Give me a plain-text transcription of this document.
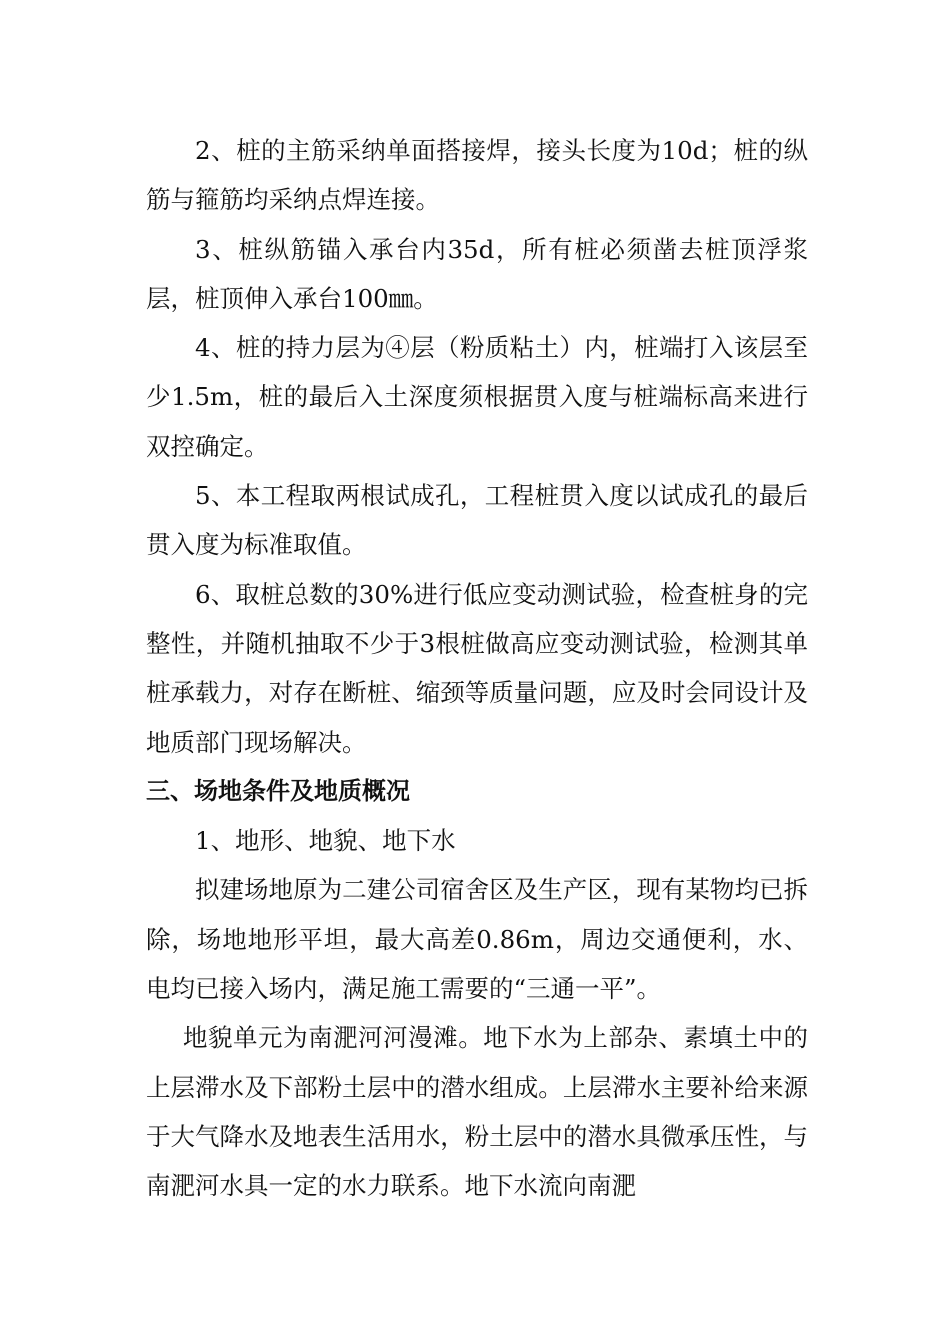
2、桩的主筋采纳单面搭接焊，接头长度为10d；桩的纵筋与箍筋均采纳点焊连接。

3、桩纵筋锚入承台内35d，所有桩必须凿去桩顶浮浆层，桩顶伸入承台100㎜。

4、桩的持力层为④层（粉质粘土）内，桩端打入该层至少1.5m，桩的最后入土深度须根据贯入度与桩端标高来进行双控确定。

5、本工程取两根试成孔，工程桩贯入度以试成孔的最后贯入度为标准取值。

6、取桩总数的30%进行低应变动测试验，检查桩身的完整性，并随机抽取不少于3根桩做高应变动测试验，检测其单桩承载力，对存在断桩、缩颈等质量问题，应及时会同设计及地质部门现场解决。

三、场地条件及地质概况

1、地形、地貌、地下水

拟建场地原为二建公司宿舍区及生产区，现有某物均已拆除，场地地形平坦，最大高差0.86m，周边交通便利，水、电均已接入场内，满足施工需要的“三通一平”。

地貌单元为南淝河河漫滩。地下水为上部杂、素填土中的上层滞水及下部粉土层中的潜水组成。上层滞水主要补给来源于大气降水及地表生活用水，粉土层中的潜水具微承压性，与南淝河水具一定的水力联系。地下水流向南淝
